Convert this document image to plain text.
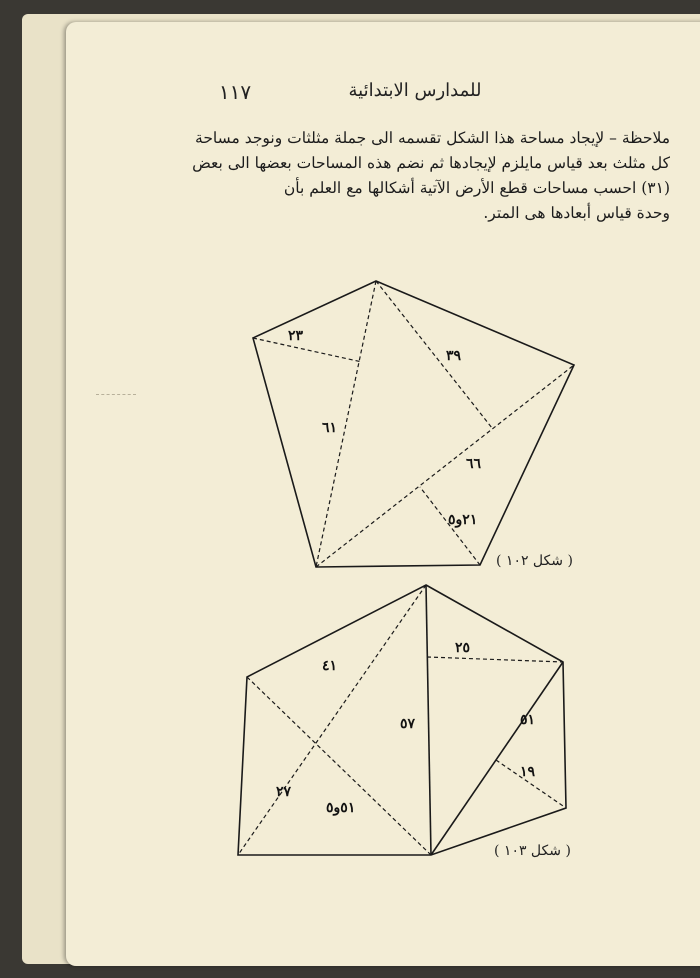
للمدارس الابتدائية
١١٧
ملاحظة – لإيجاد مساحة هذا الشكل تقسمه الى جملة مثلثات ونوجد مساحة
كل مثلث بعد قياس مايلزم لإيجادها ثم نضم هذه المساحات بعضها الى بعض
(٣١) احسب مساحات قطع الأرض الآتية أشكالها مع العلم بأن
وحدة قياس أبعادها هى المتر.
٢٣
٣٩
٦١
٦٦
٢١و٥
( شكل ١٠٢ )
٤١
٢٥
٥٧	٥١
١٩
٢٧
٥١و٥
( شكل ١٠٣ )
